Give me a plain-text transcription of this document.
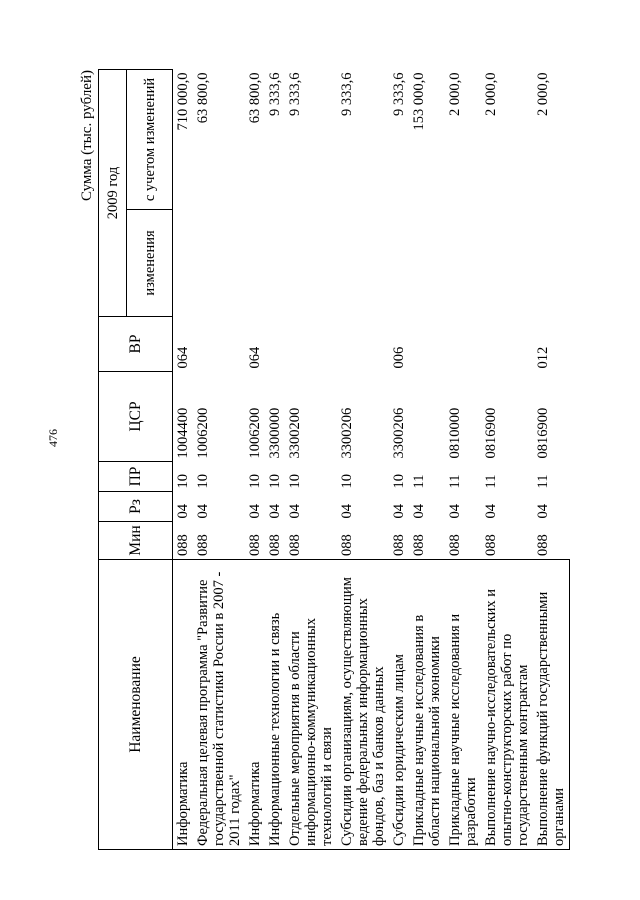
476
Сумма (тыс. рублей)
Наименование	Мин	Рз	ПР	ЦСР	ВР	2009 год	
						изменения	с учетом изменений
Информатика	088	04	10	1004400	064		710 000,0
Федеральная целевая программа "Развитие государственной статистики России в 2007 - 2011 годах"	088	04	10	1006200			63 800,0
Информатика	088	04	10	1006200	064		63 800,0
Информационные технологии и связь	088	04	10	3300000			9 333,6
Отдельные мероприятия в области информационно-коммуникационных технологий и связи	088	04	10	3300200			9 333,6
Субсидии организациям, осуществляющим ведение федеральных информационных фондов, баз и банков данных	088	04	10	3300206			9 333,6
Субсидии юридическим лицам	088	04	10	3300206	006		9 333,6
Прикладные научные исследования в области национальной экономики	088	04	11				153 000,0
Прикладные научные исследования и разработки	088	04	11	0810000			2 000,0
Выполнение научно-исследовательских и опытно-конструкторских работ по государственным контрактам	088	04	11	0816900			2 000,0
Выполнение функций государственными органами	088	04	11	0816900	012		2 000,0
